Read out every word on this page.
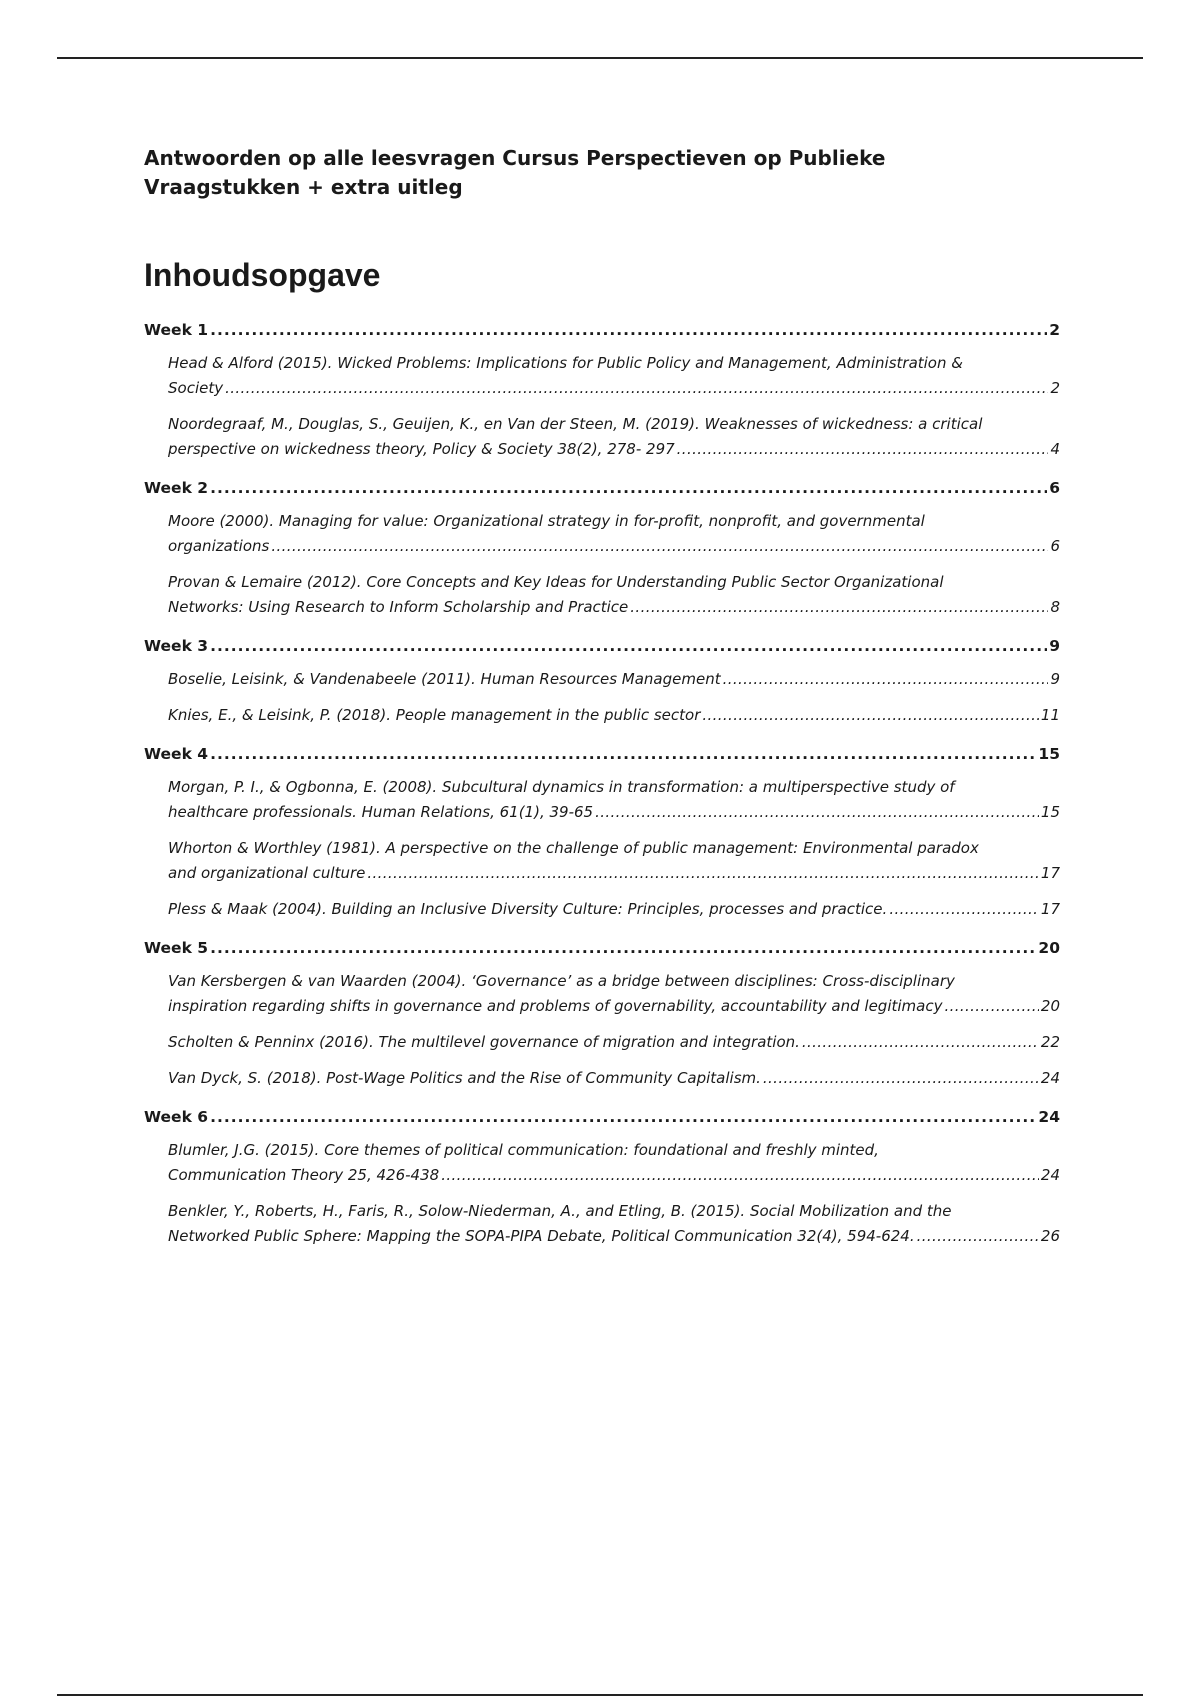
Antwoorden op alle leesvragen Cursus Perspectieven op Publieke Vraagstukken + extra uitleg
Inhoudsopgave
Week 1 . . .	2
Head & Alford (2015). Wicked Problems: Implications for Public Policy and Management, Administration &
Society . . .	2
Noordegraaf, M., Douglas, S., Geuijen, K., en Van der Steen, M. (2019). Weaknesses of wickedness: a critical
perspective on wickedness theory, Policy & Society 38(2), 278- 297 . . .	4
Week 2 . . .	6
Moore (2000). Managing for value: Organizational strategy in for-profit, nonprofit, and governmental
organizations . . .	6
Provan & Lemaire (2012). Core Concepts and Key Ideas for Understanding Public Sector Organizational
Networks: Using Research to Inform Scholarship and Practice . . .	8
Week 3 . . .	9
Boselie, Leisink, & Vandenabeele (2011). Human Resources Management . . .	9
Knies, E., & Leisink, P. (2018). People management in the public sector . . .	11
Week 4 . . .	15
Morgan, P. I., & Ogbonna, E. (2008). Subcultural dynamics in transformation: a multiperspective study of
healthcare professionals. Human Relations, 61(1), 39-65 . . .	15
Whorton & Worthley (1981). A perspective on the challenge of public management: Environmental paradox
and organizational culture . . .	17
Pless & Maak (2004). Building an Inclusive Diversity Culture: Principles, processes and practice. . . .	17
Week 5 . . .	20
Van Kersbergen & van Waarden (2004). ‘Governance’ as a bridge between disciplines: Cross-disciplinary
inspiration regarding shifts in governance and problems of governability, accountability and legitimacy . . .	20
Scholten & Penninx (2016). The multilevel governance of migration and integration. . . .	22
Van Dyck, S. (2018). Post-Wage Politics and the Rise of Community Capitalism. . . .	24
Week 6 . . .	24
Blumler, J.G. (2015). Core themes of political communication: foundational and freshly minted,
Communication Theory 25, 426-438 . . .	24
Benkler, Y., Roberts, H., Faris, R., Solow-Niederman, A., and Etling, B. (2015). Social Mobilization and the
Networked Public Sphere: Mapping the SOPA-PIPA Debate, Political Communication 32(4), 594-624. . . .	26
